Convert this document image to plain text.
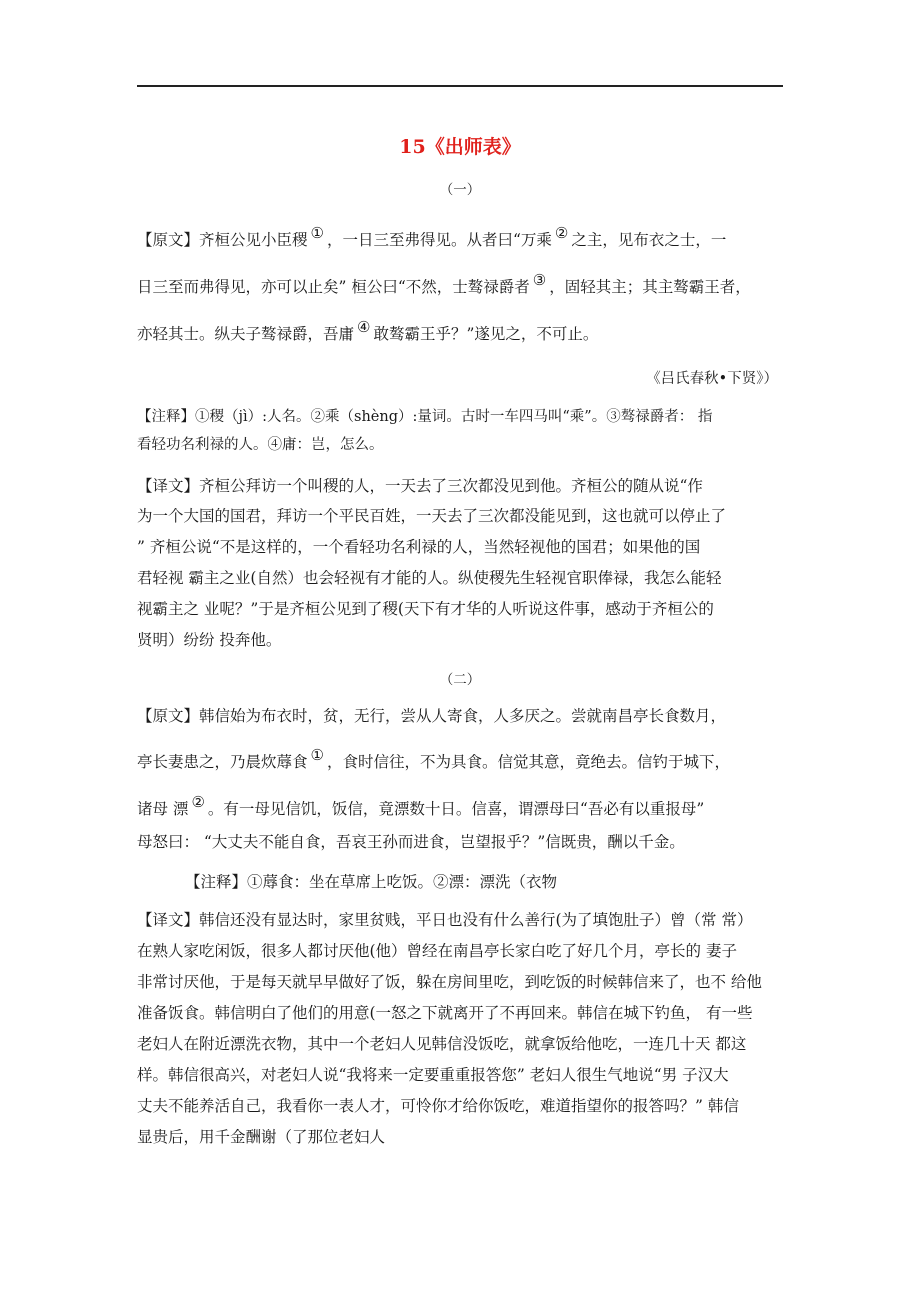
15《出师表》
（一）
【原文】齐桓公见小臣稷 ① ，一日三至弗得见。从者曰“万乘 ② 之主，见布衣之士，一
日三至而弗得见，亦可以止矣” 桓公曰“不然，士骜禄爵者 ③ ，固轻其主；其主骜霸王者，
亦轻其士。纵夫子骜禄爵，吾庸 ④ 敢骜霸王乎？”遂见之，不可止。
《吕氏春秋•下贤》）
【注释】①稷（jì）:人名。②乘（shèng）:量词。古时一车四马叫“乘”。③骜禄爵者： 指
看轻功名利禄的人。④庸：岂，怎么。
【译文】齐桓公拜访一个叫稷的人，一天去了三次都没见到他。齐桓公的随从说“作
为一个大国的国君，拜访一个平民百姓，一天去了三次都没能见到，这也就可以停止了
” 齐桓公说“不是这样的，一个看轻功名利禄的人，当然轻视他的国君；如果他的国
君轻视 霸主之业(自然）也会轻视有才能的人。纵使稷先生轻视官职俸禄，我怎么能轻
视霸主之 业呢？”于是齐桓公见到了稷(天下有才华的人听说这件事，感动于齐桓公的
贤明）纷纷 投奔他。
（二）
【原文】韩信始为布衣时，贫，无行，尝从人寄食，人多厌之。尝就南昌亭长食数月，
亭长妻患之，乃晨炊蓐食 ① ，食时信往，不为具食。信觉其意，竟绝去。信钓于城下，
诸母 漂 ② 。有一母见信饥，饭信，竟漂数十日。信喜，谓漂母曰“吾必有以重报母”
母怒曰： “大丈夫不能自食，吾哀王孙而进食，岂望报乎？”信既贵，酬以千金。
【注释】①蓐食：坐在草席上吃饭。②漂：漂洗（衣物
【译文】韩信还没有显达时，家里贫贱，平日也没有什么善行(为了填饱肚子）曾（常 常）
在熟人家吃闲饭，很多人都讨厌他(他）曾经在南昌亭长家白吃了好几个月，亭长的 妻子
非常讨厌他，于是每天就早早做好了饭，躲在房间里吃，到吃饭的时候韩信来了，也不 给他
准备饭食。韩信明白了他们的用意(一怒之下就离开了不再回来。韩信在城下钓鱼， 有一些
老妇人在附近漂洗衣物，其中一个老妇人见韩信没饭吃，就拿饭给他吃，一连几十天 都这
样。韩信很高兴，对老妇人说“我将来一定要重重报答您” 老妇人很生气地说“男 子汉大
丈夫不能养活自己，我看你一表人才，可怜你才给你饭吃，难道指望你的报答吗？” 韩信
显贵后，用千金酬谢（了那位老妇人
